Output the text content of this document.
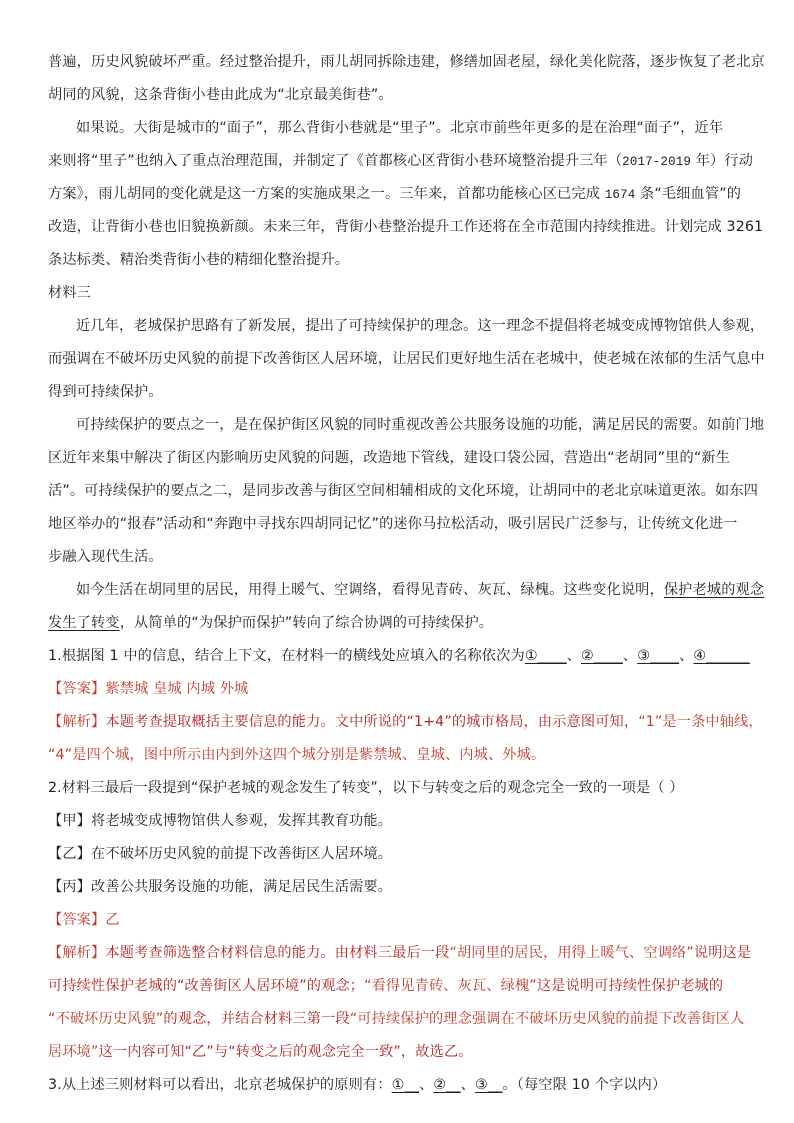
普遍，历史风貌破坏严重。经过整治提升，雨儿胡同拆除违建，修缮加固老屋，绿化美化院落，逐步恢复了老北京
胡同的风貌，这条背街小巷由此成为“北京最美街巷”。
如果说。大街是城市的“面子”，那么背街小巷就是“里子”。北京市前些年更多的是在治理“面子”，近年
来则将“里子”也纳入了重点治理范围，并制定了《首都核心区背街小巷环境整治提升三年（2017-2019 年）行动
方案》，雨儿胡同的变化就是这一方案的实施成果之一。三年来，首都功能核心区已完成 1674 条“毛细血管”的
改造，让背街小巷也旧貌换新颜。未来三年，背街小巷整治提升工作还将在全市范围内持续推进。计划完成 3261
条达标类、精治类背街小巷的精细化整治提升。
材料三
近几年，老城保护思路有了新发展，提出了可持续保护的理念。这一理念不提倡将老城变成博物馆供人参观，
而强调在不破坏历史风貌的前提下改善街区人居环境，让居民们更好地生活在老城中，使老城在浓郁的生活气息中
得到可持续保护。
可持续保护的要点之一，是在保护街区风貌的同时重视改善公共服务设施的功能，满足居民的需要。如前门地
区近年来集中解决了街区内影响历史风貌的问题，改造地下管线，建设口袋公园，营造出“老胡同”里的“新生
活”。可持续保护的要点之二，是同步改善与街区空间相辅相成的文化环境，让胡同中的老北京味道更浓。如东四
地区举办的“报春”活动和“奔跑中寻找东四胡同记忆”的迷你马拉松活动，吸引居民广泛参与，让传统文化进一
步融入现代生活。
如今生活在胡同里的居民，用得上暖气、空调络，看得见青砖、灰瓦、绿槐。这些变化说明，保护老城的观念
发生了转变，从简单的“为保护而保护”转向了综合协调的可持续保护。
1.根据图 1 中的信息，结合上下文，在材料一的横线处应填入的名称依次为①____、②____、③____、④______
【答案】紫禁城 皇城 内城 外城
【解析】本题考查提取概括主要信息的能力。文中所说的“1+4”的城市格局，由示意图可知，“1”是一条中轴线，
“4”是四个城，图中所示由内到外这四个城分别是紫禁城、皇城、内城、外城。
2.材料三最后一段提到“保护老城的观念发生了转变”，以下与转变之后的观念完全一致的一项是（ ）
【甲】将老城变成博物馆供人参观，发挥其教育功能。
【乙】在不破坏历史风貌的前提下改善街区人居环境。
【丙】改善公共服务设施的功能，满足居民生活需要。
【答案】乙
【解析】本题考查筛选整合材料信息的能力。由材料三最后一段“胡同里的居民，用得上暖气、空调络”说明这是
可持续性保护老城的“改善街区人居环境”的观念；“看得见青砖、灰瓦、绿槐”这是说明可持续性保护老城的
“不破坏历史风貌”的观念，并结合材料三第一段“可持续保护的理念强调在不破坏历史风貌的前提下改善街区人
居环境”这一内容可知“乙”与“转变之后的观念完全一致”，故选乙。
3.从上述三则材料可以看出，北京老城保护的原则有：①__、②__、③__。（每空限 10 个字以内）
